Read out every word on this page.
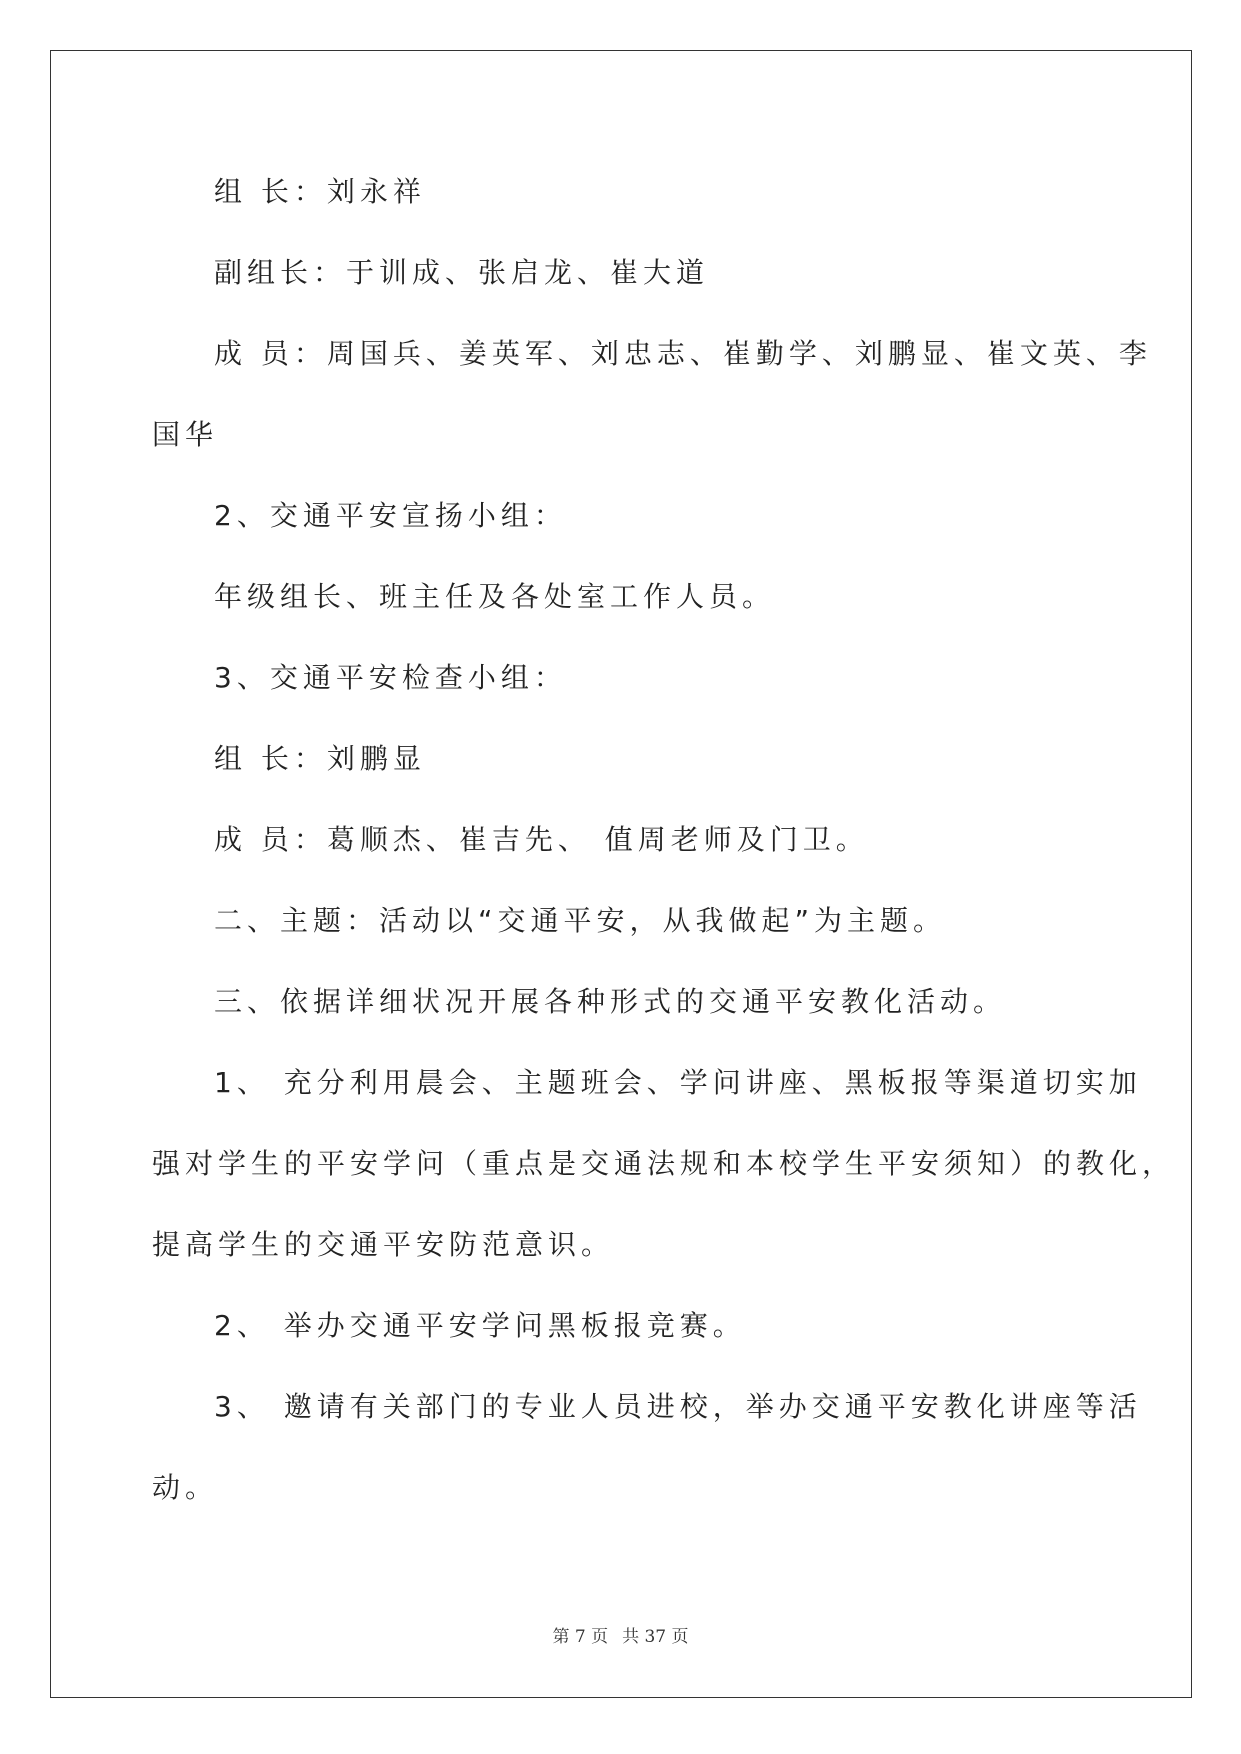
组 长：刘永祥
副组长：于训成、张启龙、崔大道
成 员：周国兵、姜英军、刘忠志、崔勤学、刘鹏显、崔文英、李
国华
2、交通平安宣扬小组：
年级组长、班主任及各处室工作人员。
3、交通平安检查小组：
组 长：刘鹏显
成 员：葛顺杰、崔吉先、 值周老师及门卫。
二、主题：活动以“交通平安，从我做起”为主题。
三、依据详细状况开展各种形式的交通平安教化活动。
1、 充分利用晨会、主题班会、学问讲座、黑板报等渠道切实加
强对学生的平安学问（重点是交通法规和本校学生平安须知）的教化，
提高学生的交通平安防范意识。
2、 举办交通平安学问黑板报竞赛。
3、 邀请有关部门的专业人员进校，举办交通平安教化讲座等活
动。
第 7 页 共 37 页
